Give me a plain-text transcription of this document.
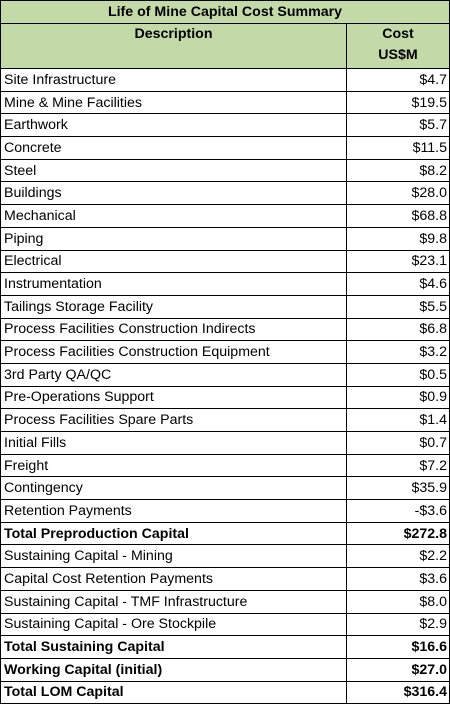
Life of Mine Capital Cost Summary	
Description	Cost
US$M

Site Infrastructure	$4.7
Mine & Mine Facilities	$19.5
Earthwork	$5.7
Concrete	$11.5
Steel	$8.2
Buildings	$28.0
Mechanical	$68.8
Piping	$9.8
Electrical	$23.1
Instrumentation	$4.6
Tailings Storage Facility	$5.5
Process Facilities Construction Indirects	$6.8
Process Facilities Construction Equipment	$3.2
3rd Party QA/QC	$0.5
Pre-Operations Support	$0.9
Process Facilities Spare Parts	$1.4
Initial Fills	$0.7
Freight	$7.2
Contingency	$35.9
Retention Payments	-$3.6
Total Preproduction Capital	$272.8
Sustaining Capital - Mining	$2.2
Capital Cost Retention Payments	$3.6
Sustaining Capital - TMF Infrastructure	$8.0
Sustaining Capital - Ore Stockpile	$2.9
Total Sustaining Capital	$16.6
Working Capital (initial)	$27.0
Total LOM Capital	$316.4
